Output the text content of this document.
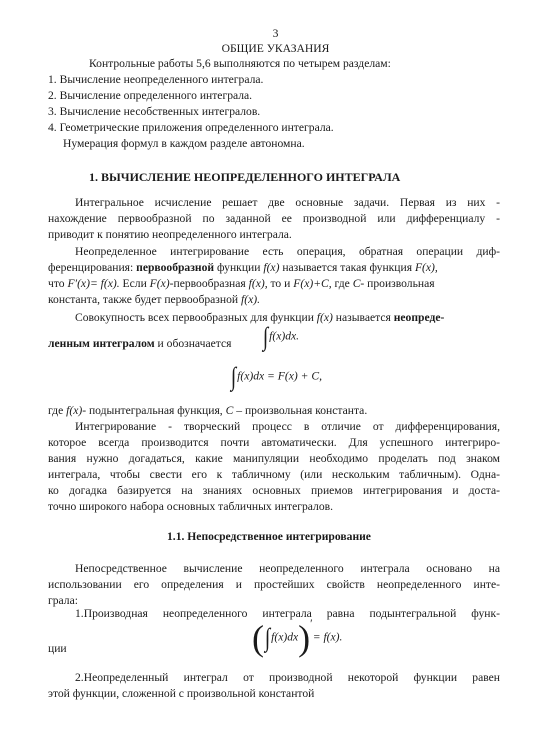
3
ОБЩИЕ УКАЗАНИЯ
Контрольные работы 5,6 выполняются по четырем разделам:
1. Вычисление неопределенного интеграла.
2. Вычисление определенного интеграла.
3. Вычисление несобственных интегралов.
4. Геометрические приложения определенного интеграла.
Нумерация формул в каждом разделе автономна.
1. ВЫЧИСЛЕНИЕ НЕОПРЕДЕЛЕННОГО ИНТЕГРАЛА
Интегральное исчисление решает две основные задачи. Первая из них -
нахождение первообразной по заданной ее производной или дифференциалу -
приводит к понятию неопределенного интеграла.
Неопределенное интегрирование есть операция, обратная операции диф-
ференцирования: первообразной функции f(x) называется такая функция F(x),
что F′(x)= f(x). Если F(x)-первообразная f(x), то и F(x)+C, где C- произвольная
константа, также будет первообразной f(x).
Совокупность всех первообразных для функции f(x) называется неопреде-
ленным интегралом и обозначается ∫f(x)dx.
∫f(x)dx = F(x) + C,
где f(x)- подынтегральная функция, C – произвольная константа.
Интегрирование - творческий процесс в отличие от дифференцирования,
которое всегда производится почти автоматически. Для успешного интегриро-
вания нужно догадаться, какие манипуляции необходимо проделать под знаком
интеграла, чтобы свести его к табличному (или нескольким табличным). Одна-
ко догадка базируется на знаниях основных приемов интегрирования и доста-
точно широкого набора основных табличных интегралов.
1.1. Непосредственное интегрирование
Непосредственное вычисление неопределенного интеграла основано на
использовании его определения и простейших свойств неопределенного инте-
грала:
1.Производная неопределенного интеграла равна подынтегральной функ-
ции	(∫f(x)dx)′= f(x).
2.Неопределенный интеграл от производной некоторой функции равен
этой функции, сложенной с произвольной константой
